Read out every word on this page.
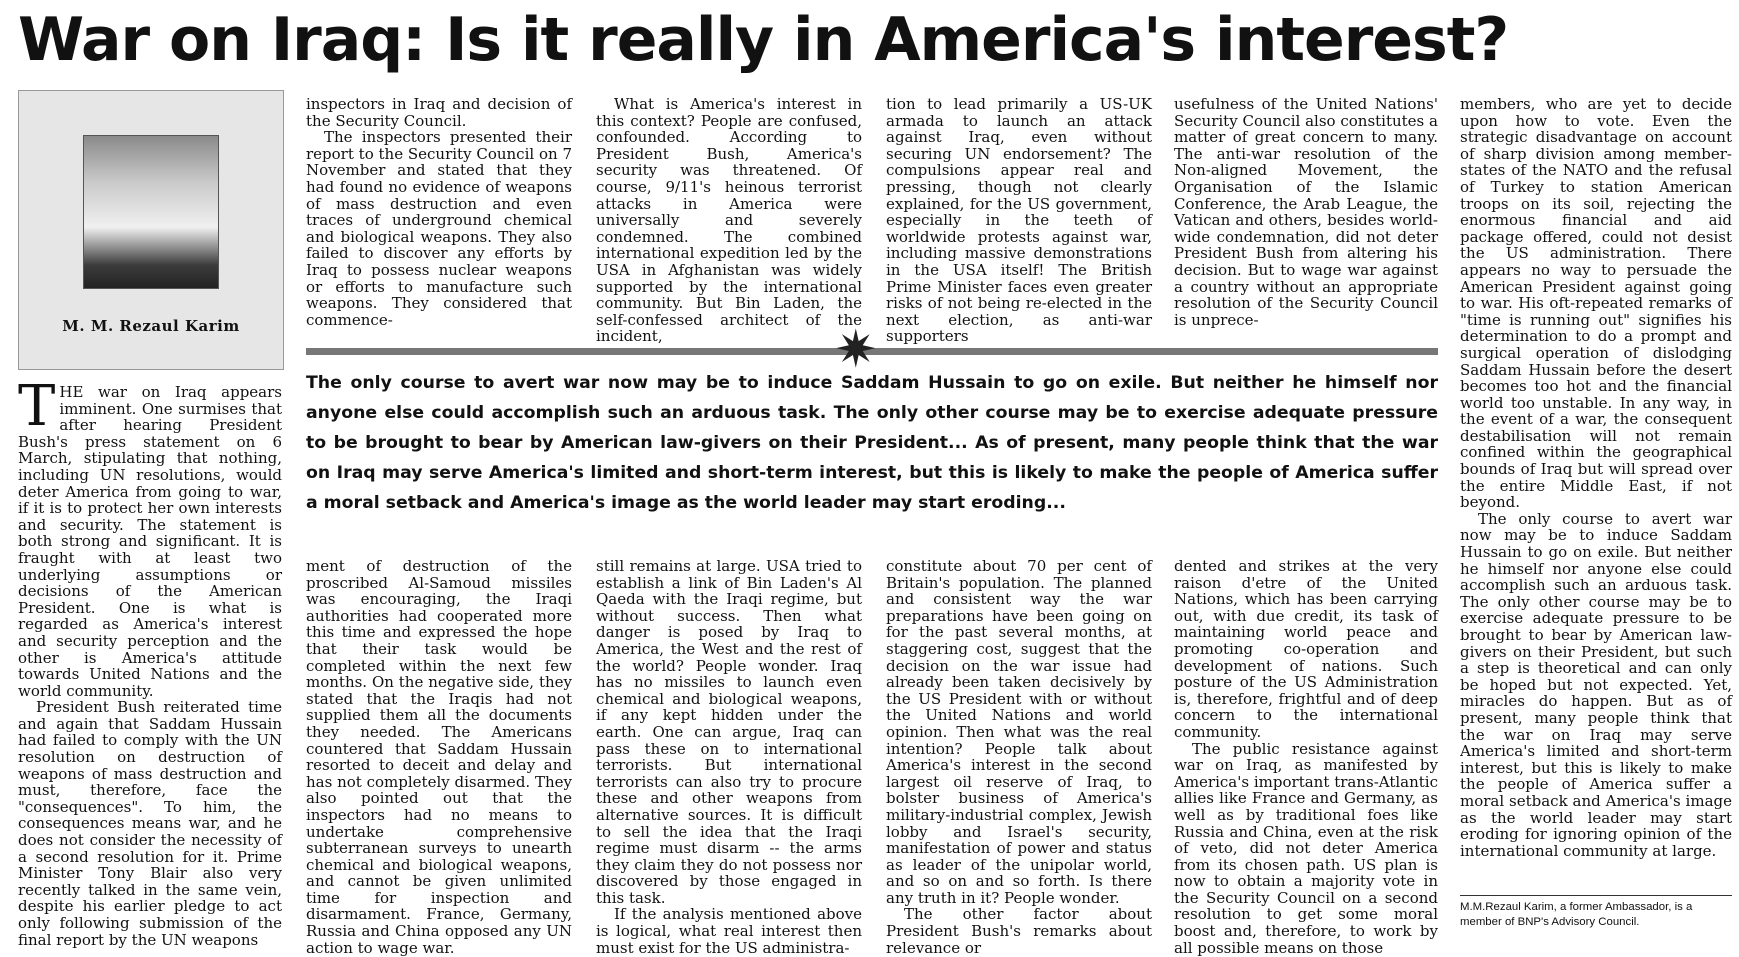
War on Iraq: Is it really in America's interest?
M. M. Rezaul Karim

THE war on Iraq appears imminent. One surmises that after hearing President Bush's press statement on 6 March, stipulating that nothing, including UN resolutions, would deter America from going to war, if it is to protect her own interests and security. The statement is both strong and significant. It is fraught with at least two underlying assumptions or decisions of the American President. One is what is regarded as America's interest and security perception and the other is America's attitude towards United Nations and the world community.

President Bush reiterated time and again that Saddam Hussain had failed to comply with the UN resolution on destruction of weapons of mass destruction and must, therefore, face the "consequences". To him, the consequences means war, and he does not consider the necessity of a second resolution for it. Prime Minister Tony Blair also very recently talked in the same vein, despite his earlier pledge to act only following submission of the final report by the UN weapons

inspectors in Iraq and decision of the Security Council.

The inspectors presented their report to the Security Council on 7 November and stated that they had found no evidence of weapons of mass destruction and even traces of underground chemical and biological weapons. They also failed to discover any efforts by Iraq to possess nuclear weapons or efforts to manufacture such weapons. They considered that commence-

What is America's interest in this context? People are confused, confounded. According to President Bush, America's security was threatened. Of course, 9/11's heinous terrorist attacks in America were universally and severely condemned. The combined international expedition led by the USA in Afghanistan was widely supported by the international community. But Bin Laden, the self-confessed architect of the incident,

tion to lead primarily a US-UK armada to launch an attack against Iraq, even without securing UN endorsement? The compulsions appear real and pressing, though not clearly explained, for the US government, especially in the teeth of worldwide protests against war, including massive demonstrations in the USA itself! The British Prime Minister faces even greater risks of not being re-elected in the next election, as anti-war supporters

usefulness of the United Nations' Security Council also constitutes a matter of great concern to many. The anti-war resolution of the Non-aligned Movement, the Organisation of the Islamic Conference, the Arab League, the Vatican and others, besides world-wide condemnation, did not deter President Bush from altering his decision. But to wage war against a country without an appropriate resolution of the Security Council is unprece-

✷
The only course to avert war now may be to induce Saddam Hussain to go on exile. But neither he himself nor anyone else could accomplish such an arduous task. The only other course may be to exercise adequate pressure to be brought to bear by American law-givers on their President... As of present, many people think that the war on Iraq may serve America's limited and short-term interest, but this is likely to make the people of America suffer a moral setback and America's image as the world leader may start eroding...

ment of destruction of the proscribed Al-Samoud missiles was encouraging, the Iraqi authorities had cooperated more this time and expressed the hope that their task would be completed within the next few months. On the negative side, they stated that the Iraqis had not supplied them all the documents they needed. The Americans countered that Saddam Hussain resorted to deceit and delay and has not completely disarmed. They also pointed out that the inspectors had no means to undertake comprehensive subterranean surveys to unearth chemical and biological weapons, and cannot be given unlimited time for inspection and disarmament. France, Germany, Russia and China opposed any UN action to wage war.

still remains at large. USA tried to establish a link of Bin Laden's Al Qaeda with the Iraqi regime, but without success. Then what danger is posed by Iraq to America, the West and the rest of the world? People wonder. Iraq has no missiles to launch even chemical and biological weapons, if any kept hidden under the earth. One can argue, Iraq can pass these on to international terrorists. But international terrorists can also try to procure these and other weapons from alternative sources. It is difficult to sell the idea that the Iraqi regime must disarm -- the arms they claim they do not possess nor discovered by those engaged in this task.

If the analysis mentioned above is logical, what real interest then must exist for the US administra-

constitute about 70 per cent of Britain's population. The planned and consistent way the war preparations have been going on for the past several months, at staggering cost, suggest that the decision on the war issue had already been taken decisively by the US President with or without the United Nations and world opinion. Then what was the real intention? People talk about America's interest in the second largest oil reserve of Iraq, to bolster business of America's military-industrial complex, Jewish lobby and Israel's security, manifestation of power and status as leader of the unipolar world, and so on and so forth. Is there any truth in it? People wonder.

The other factor about President Bush's remarks about relevance or

dented and strikes at the very raison d'etre of the United Nations, which has been carrying out, with due credit, its task of maintaining world peace and promoting co-operation and development of nations. Such posture of the US Administration is, therefore, frightful and of deep concern to the international community.

The public resistance against war on Iraq, as manifested by America's important trans-Atlantic allies like France and Germany, as well as by traditional foes like Russia and China, even at the risk of veto, did not deter America from its chosen path. US plan is now to obtain a majority vote in the Security Council on a second resolution to get some moral boost and, therefore, to work by all possible means on those

members, who are yet to decide upon how to vote. Even the strategic disadvantage on account of sharp division among member-states of the NATO and the refusal of Turkey to station American troops on its soil, rejecting the enormous financial and aid package offered, could not desist the US administration. There appears no way to persuade the American President against going to war. His oft-repeated remarks of "time is running out" signifies his determination to do a prompt and surgical operation of dislodging Saddam Hussain before the desert becomes too hot and the financial world too unstable. In any way, in the event of a war, the consequent destabilisation will not remain confined within the geographical bounds of Iraq but will spread over the entire Middle East, if not beyond.

The only course to avert war now may be to induce Saddam Hussain to go on exile. But neither he himself nor anyone else could accomplish such an arduous task. The only other course may be to exercise adequate pressure to be brought to bear by American law-givers on their President, but such a step is theoretical and can only be hoped but not expected. Yet, miracles do happen. But as of present, many people think that the war on Iraq may serve America's limited and short-term interest, but this is likely to make the people of America suffer a moral setback and America's image as the world leader may start eroding for ignoring opinion of the international community at large.

M.M.Rezaul Karim, a former Ambassador, is a member of BNP's Advisory Council.
